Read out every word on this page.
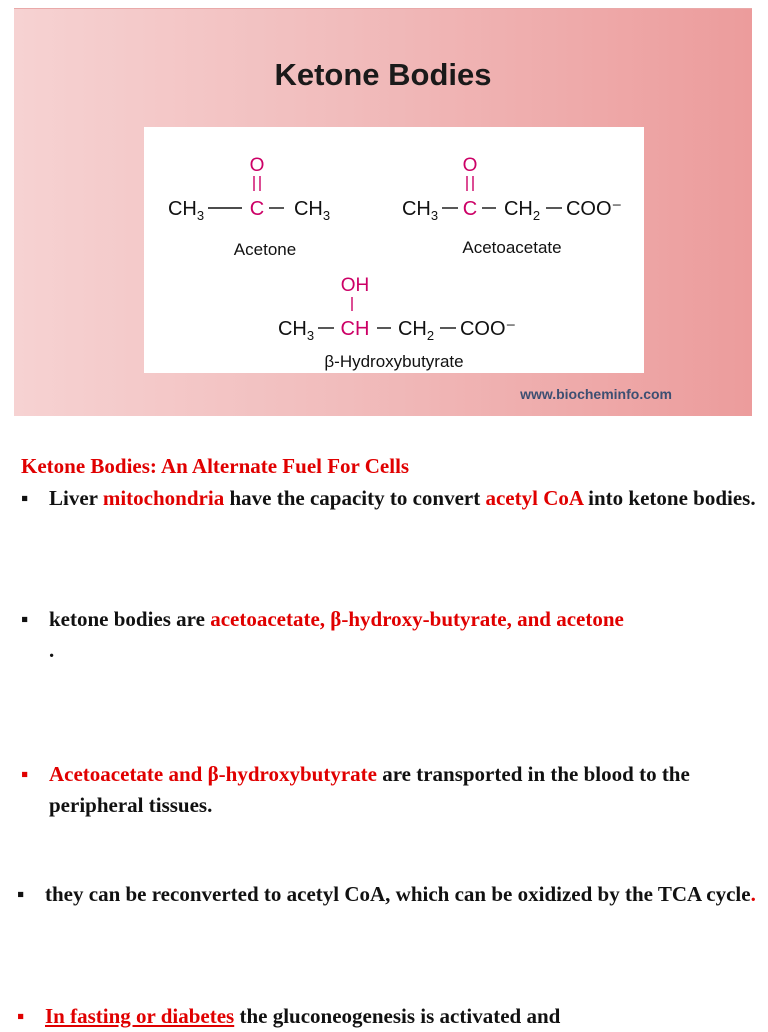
Ketone Bodies
O
$CH_3$ C $CH_3$
Acetone
O
$CH_3$ C $CH_2$ COO⁻
Acetoacetate
OH
$CH_3$ CH $CH_2$ COO⁻
β-Hydroxybutyrate
www.biocheminfo.com
Ketone Bodies: An Alternate Fuel For Cells
▪ Liver mitochondria have the capacity to convert acetyl CoA into ketone bodies.
▪ ketone bodies are acetoacetate, β-hydroxy-butyrate, and acetone
.
▪ Acetoacetate and β-hydroxybutyrate are transported in the blood to the peripheral tissues.
▪ they can be reconverted to acetyl CoA, which can be oxidized by the TCA cycle.
▪ In fasting or diabetes the gluconeogenesis is activated and
